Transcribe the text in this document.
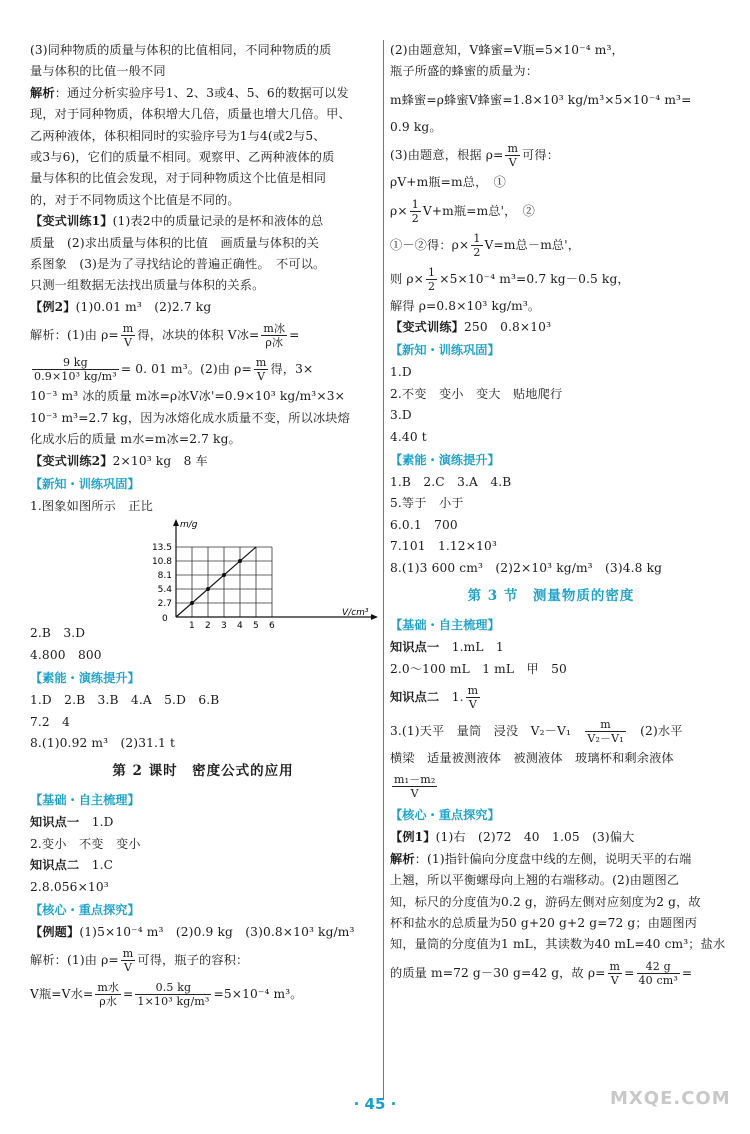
(3)同种物质的质量与体积的比值相同，不同种物质的质
量与体积的比值一般不同
解析：通过分析实验序号1、2、3或4、5、6的数据可以发
现，对于同种物质，体积增大几倍，质量也增大几倍。甲、
乙两种液体，体积相同时的实验序号为1与4(或2与5、
或3与6)，它们的质量不相同。观察甲、乙两种液体的质
量与体积的比值会发现，对于同种物质这个比值是相同
的，对于不同物质这个比值是不同的。
【变式训练1】(1)表2中的质量记录的是杯和液体的总
质量　(2)求出质量与体积的比值　画质量与体积的关
系图象　(3)是为了寻找结论的普遍正确性。　不可以。
只测一组数据无法找出质量与体积的关系。
【例2】(1)0.01 m³　(2)2.7 kg
解析：(1)由 $\rho= \frac{m}{V}$ 得，冰块的体积 V冰= $\frac{\text{m冰}}{\text{ρ冰}}$ =
$\frac{9 kg}{\text{0.9×10³ kg/m³}} = 0$. 01 m³。(2)由 $\rho= \frac{m}{V}$ 得，3×
10⁻³ m³ 冰的质量 m冰=ρ冰V冰'=0.9×10³ kg/m³×3×
10⁻³ m³=2.7 kg，因为冰熔化成水质量不变，所以冰块熔
化成水后的质量 m水=m冰=2.7 kg。
【变式训练2】2×10³ kg　8 车
【新知・训练巩固】
1.图象如图所示　正比
m/g
V/cm³
0
1 2 3 4 5 6
2.7
5.4
8.1
10.8
13.5
2.B　3.D
4.800　800
【素能・演练提升】
1.D　2.B　3.B　4.A　5.D　6.B
7.2　4
8.(1)0.92 m³　(2)31.1 t
第 2 课时　密度公式的应用
【基础・自主梳理】
知识点一　1.D
2.变小　不变　变小
知识点二　1.C
2.8.056×10³
【核心・重点探究】
【例题】(1)5×10⁻⁴ m³　(2)0.9 kg　(3)0.8×10³ kg/m³
解析：(1)由 $\rho= \frac{m}{V}$ 可得，瓶子的容积：
V瓶=V水= $\frac{\text{m水}}{\text{ρ水}} = \frac{0.5 kg}{\text{1×10³ kg/m³}} =5\times 10^{-4}$ m³。
(2)由题意知，V蜂蜜=V瓶=5×10⁻⁴ m³，
瓶子所盛的蜂蜜的质量为：
m蜂蜜=ρ蜂蜜V蜂蜜=1.8×10³ kg/m³×5×10⁻⁴ m³=
0.9 kg。
(3)由题意，根据 $\rho= \frac{m}{V}$ 可得：
ρV+m瓶=m总，　①
$\rho\times \frac{1}{2} V+m$瓶=m总'，　②
①－②得：$\rho\times \frac{1}{2} V=m$总－m总'，
则 $\rho\times \frac{1}{2} \times 5\times 10^{-4}$ m³=0.7 kg－0.5 kg，
解得 ρ=0.8×10³ kg/m³。
【变式训练】250　0.8×10³
【新知・训练巩固】
1.D
2.不变　变小　变大　贴地爬行
3.D
4.40 t
【素能・演练提升】
1.B　2.C　3.A　4.B
5.等于　小于
6.0.1　700
7.101　1.12×10³
8.(1)3 600 cm³　(2)2×10³ kg/m³　(3)4.8 kg
第 3 节　测量物质的密度
【基础・自主梳理】
知识点一　1.mL　1
2.0～100 mL　1 mL　甲　50
知识点二　1. $\frac{m}{V}$
3.(1)天平　量筒　浸没　V₂－V₁　 $\frac{m}{\text{V₂－V₁}}$ 　(2)水平
横梁　适量被测液体　被测液体　玻璃杯和剩余液体
$\frac{\text{m₁－m₂}}{V}$
【核心・重点探究】
【例1】(1)右　(2)72　40　1.05　(3)偏大
解析：(1)指针偏向分度盘中线的左侧，说明天平的右端
上翘，所以平衡螺母向上翘的右端移动。(2)由题图乙
知，标尺的分度值为0.2 g，游码左侧对应刻度为2 g，故
杯和盐水的总质量为50 g+20 g+2 g=72 g；由题图丙
知，量筒的分度值为1 mL，其读数为40 mL=40 cm³；盐水
的质量 m=72 g－30 g=42 g，故 $\rho= \frac{m}{V} = \frac{42 g}{\text{40 cm³}}$ =
· 45 ·	MXQE.COM
